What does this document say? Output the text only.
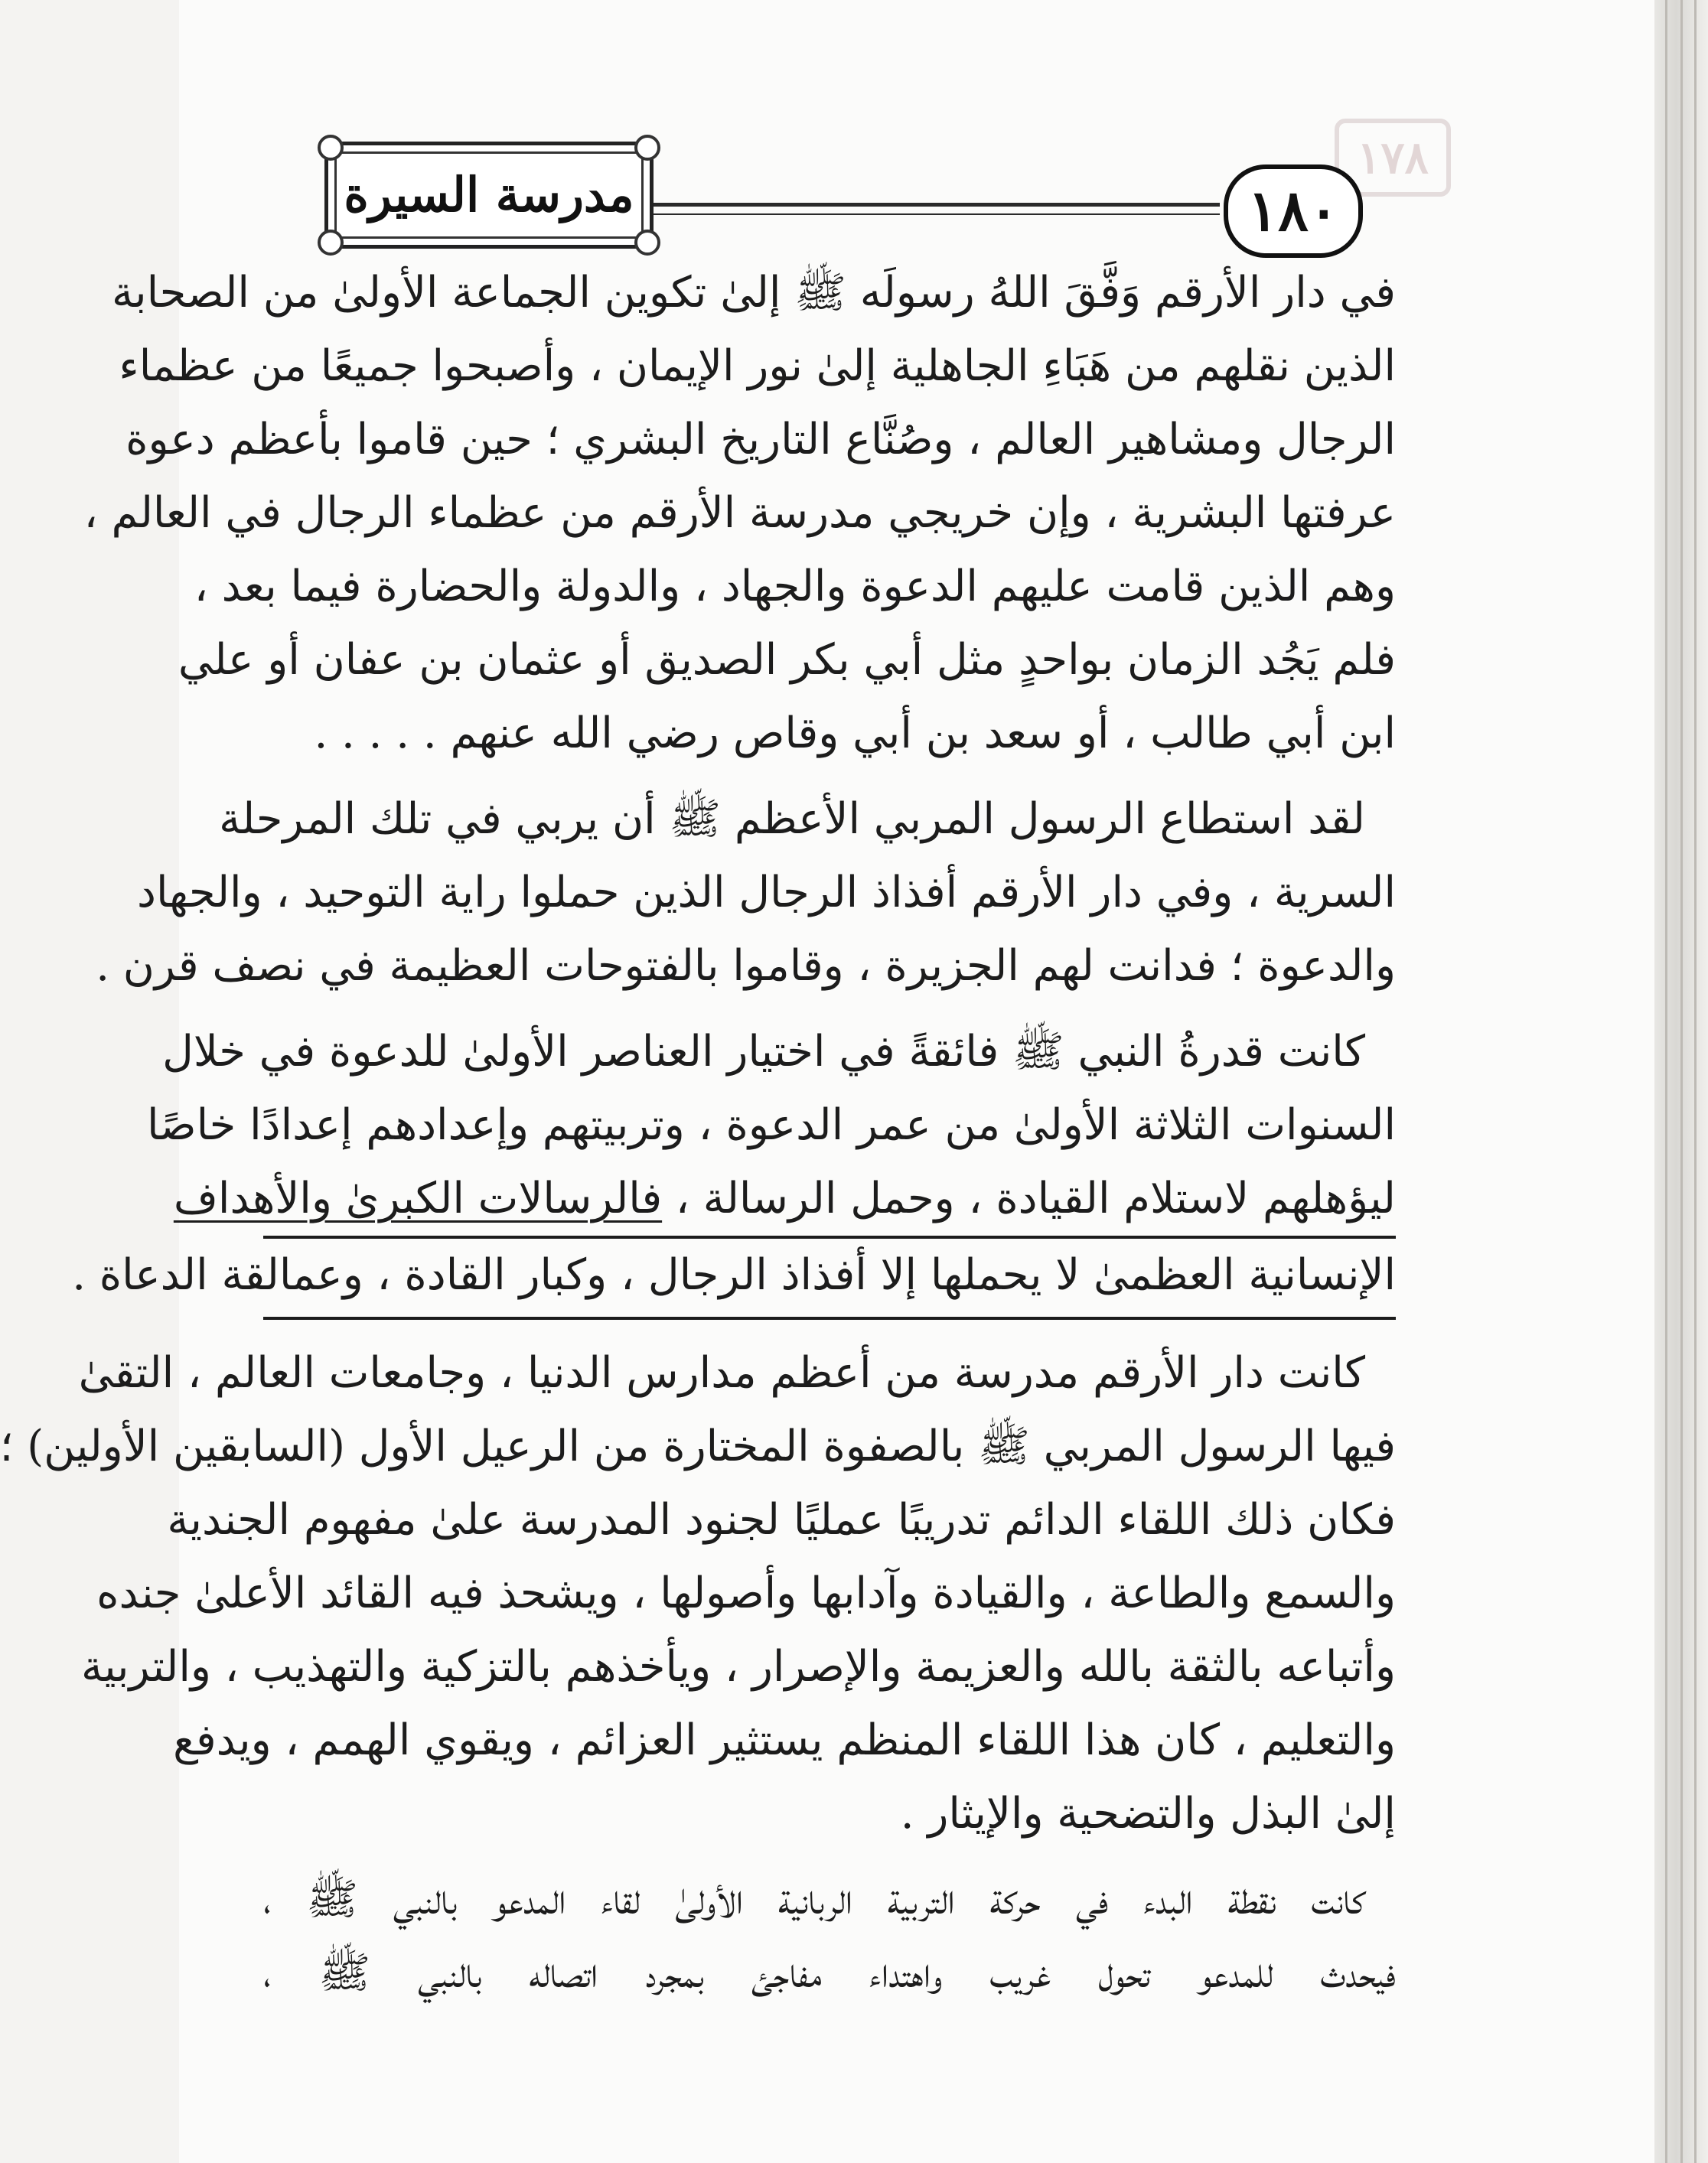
١٧٨
مدرسة السيرة	١٨٠
في دار الأرقم وَفَّقَ اللهُ رسولَه ﷺ إلىٰ تكوين الجماعة الأولىٰ من الصحابة
الذين نقلهم من هَبَاءِ الجاهلية إلىٰ نور الإيمان ، وأصبحوا جميعًا من عظماء
الرجال ومشاهير العالم ، وصُنَّاع التاريخ البشري ؛ حين قاموا بأعظم دعوة
عرفتها البشرية ، وإن خريجي مدرسة الأرقم من عظماء الرجال في العالم ،
وهم الذين قامت عليهم الدعوة والجهاد ، والدولة والحضارة فيما بعد ،
فلم يَجُد الزمان بواحدٍ مثل أبي بكر الصديق أو عثمان بن عفان أو علي
ابن أبي طالب ، أو سعد بن أبي وقاص رضي الله عنهم . . . . .
لقد استطاع الرسول المربي الأعظم ﷺ أن يربي في تلك المرحلة
السرية ، وفي دار الأرقم أفذاذ الرجال الذين حملوا راية التوحيد ، والجهاد
والدعوة ؛ فدانت لهم الجزيرة ، وقاموا بالفتوحات العظيمة في نصف قرن .
كانت قدرةُ النبي ﷺ فائقةً في اختيار العناصر الأولىٰ للدعوة في خلال
السنوات الثلاثة الأولىٰ من عمر الدعوة ، وتربيتهم وإعدادهم إعدادًا خاصًا
ليؤهلهم لاستلام القيادة ، وحمل الرسالة ، فالرسالات الكبرىٰ والأهداف
الإنسانية العظمىٰ لا يحملها إلا أفذاذ الرجال ، وكبار القادة ، وعمالقة الدعاة .
كانت دار الأرقم مدرسة من أعظم مدارس الدنيا ، وجامعات العالم ، التقىٰ
فيها الرسول المربي ﷺ بالصفوة المختارة من الرعيل الأول (السابقين الأولين) ؛
فكان ذلك اللقاء الدائم تدريبًا عمليًا لجنود المدرسة علىٰ مفهوم الجندية
والسمع والطاعة ، والقيادة وآدابها وأصولها ، ويشحذ فيه القائد الأعلىٰ جنده
وأتباعه بالثقة بالله والعزيمة والإصرار ، ويأخذهم بالتزكية والتهذيب ، والتربية
والتعليم ، كان هذا اللقاء المنظم يستثير العزائم ، ويقوي الهمم ، ويدفع
إلىٰ البذل والتضحية والإيثار .
كانت نقطة البدء في حركة التربية الربانية الأولىٰ لقاء المدعو بالنبي ﷺ ،
فيحدث للمدعو تحول غريب واهتداء مفاجئ بمجرد اتصاله بالنبي ﷺ ،
